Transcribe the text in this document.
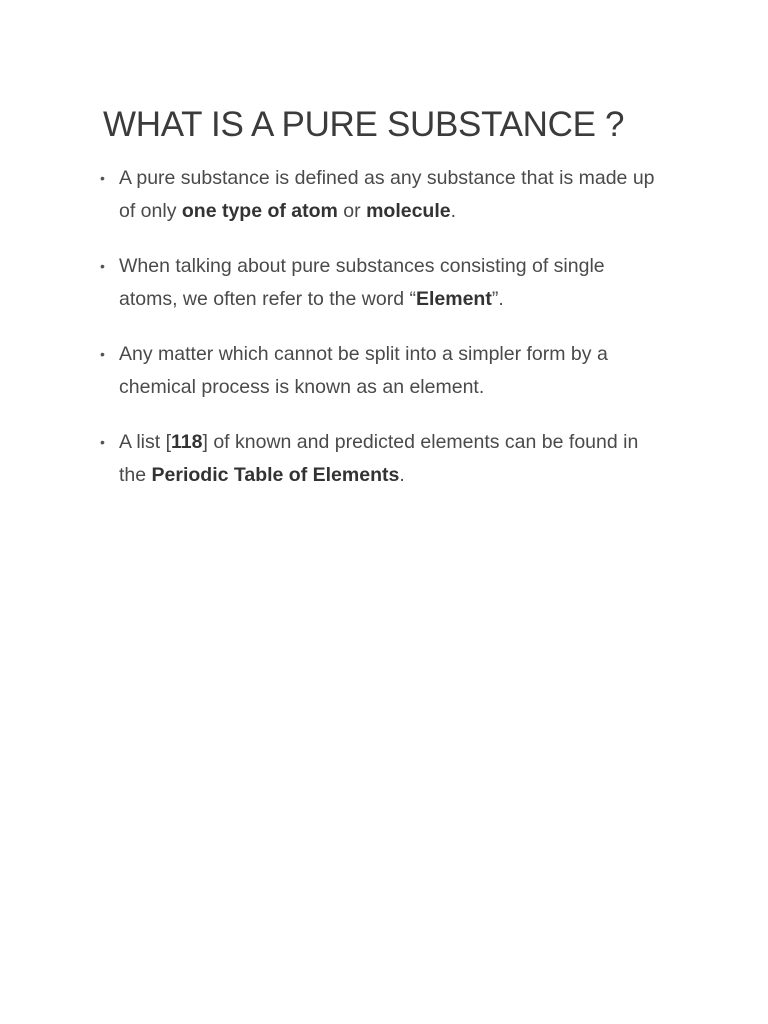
WHAT IS A PURE SUBSTANCE ?
• A pure substance is defined as any substance that is made up of only one type of atom or molecule.
• When talking about pure substances consisting of single atoms, we often refer to the word “Element”.
• Any matter which cannot be split into a simpler form by a chemical process is known as an element.
• A list [118] of known and predicted elements can be found in the Periodic Table of Elements.
